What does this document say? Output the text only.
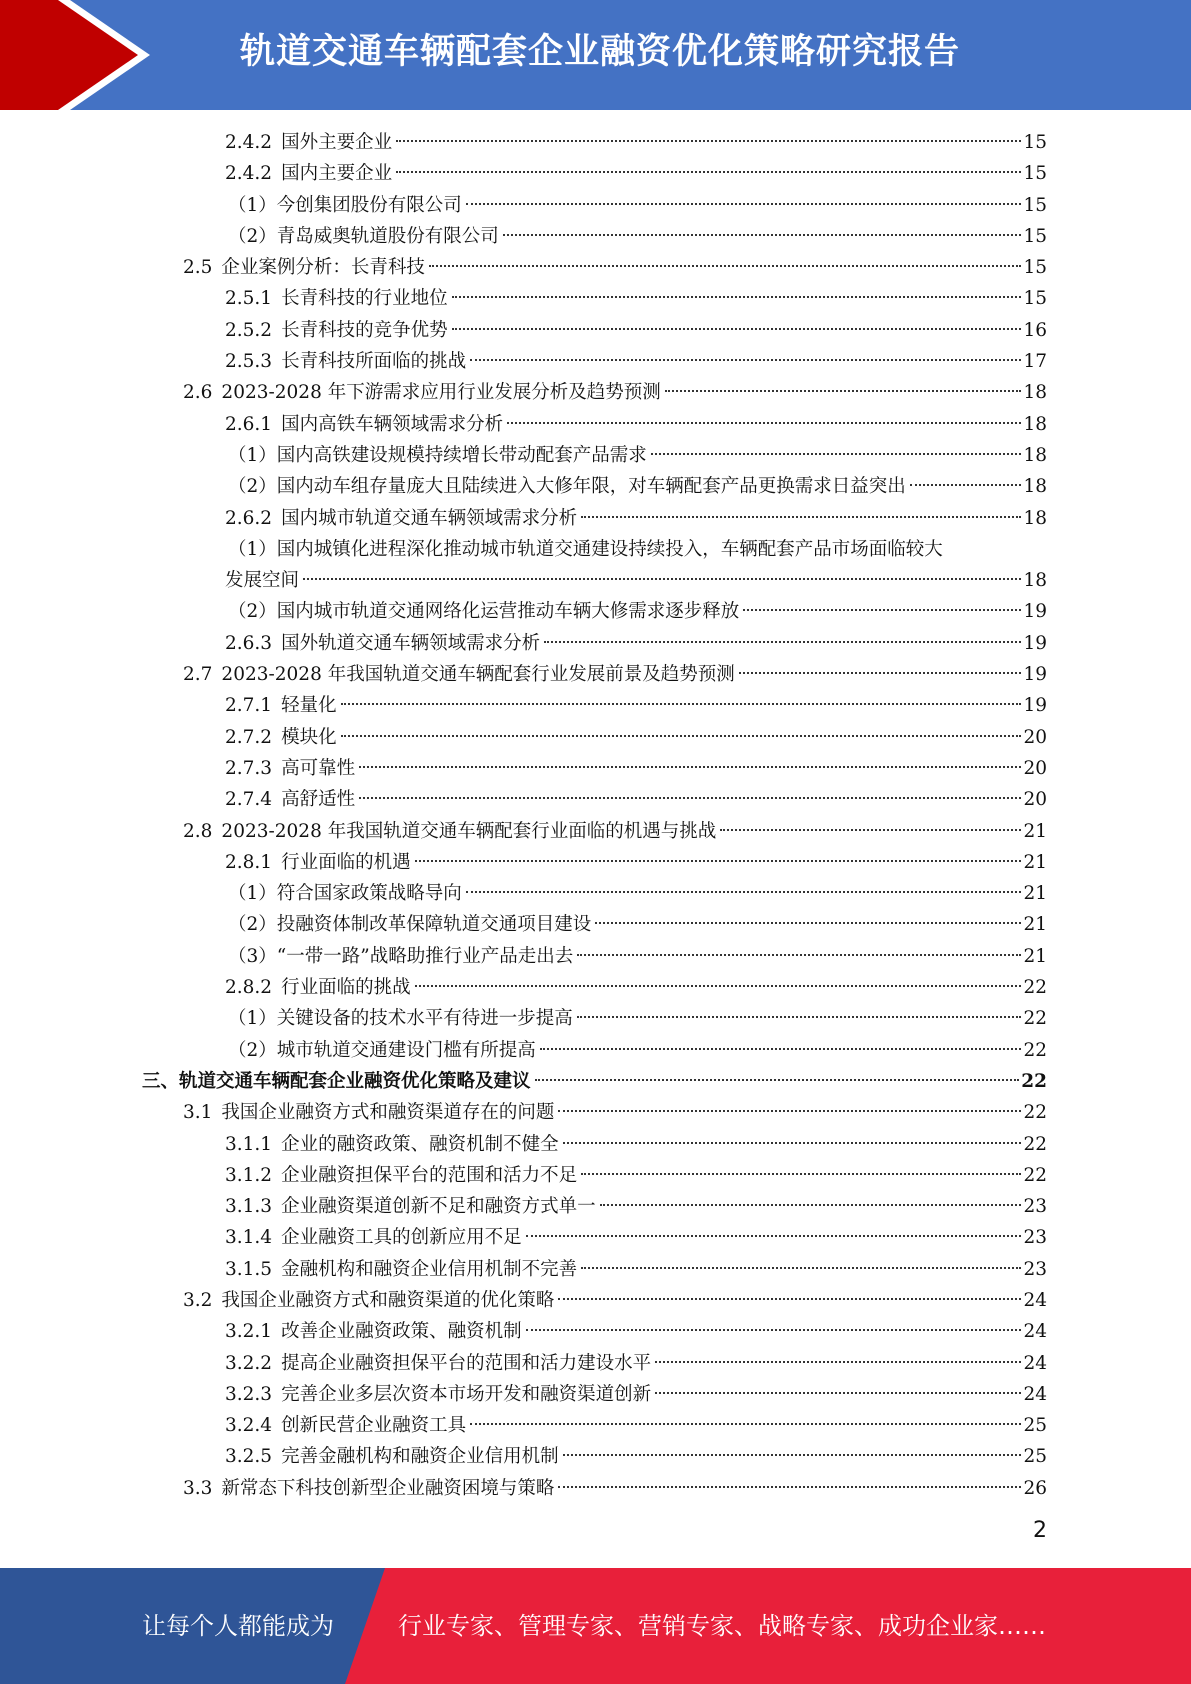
轨道交通车辆配套企业融资优化策略研究报告
2.4.2 国外主要企业	15
2.4.2 国内主要企业	15
（1） 今创集团股份有限公司	15
（2） 青岛威奥轨道股份有限公司	15
2.5 企业案例分析：长青科技	15
2.5.1 长青科技的行业地位	15
2.5.2 长青科技的竞争优势	16
2.5.3 长青科技所面临的挑战	17
2.6 2023-2028 年下游需求应用行业发展分析及趋势预测	18
2.6.1 国内高铁车辆领域需求分析	18
（1） 国内高铁建设规模持续增长带动配套产品需求	18
（2） 国内动车组存量庞大且陆续进入大修年限，对车辆配套产品更换需求日益突出	18
2.6.2 国内城市轨道交通车辆领域需求分析	18
（1） 国内城镇化进程深化推动城市轨道交通建设持续投入，车辆配套产品市场面临较大
发展空间	18
（2） 国内城市轨道交通网络化运营推动车辆大修需求逐步释放	19
2.6.3 国外轨道交通车辆领域需求分析	19
2.7 2023-2028 年我国轨道交通车辆配套行业发展前景及趋势预测	19
2.7.1 轻量化	19
2.7.2 模块化	20
2.7.3 高可靠性	20
2.7.4 高舒适性	20
2.8 2023-2028 年我国轨道交通车辆配套行业面临的机遇与挑战	21
2.8.1 行业面临的机遇	21
（1） 符合国家政策战略导向	21
（2） 投融资体制改革保障轨道交通项目建设	21
（3） “一带一路”战略助推行业产品走出去	21
2.8.2 行业面临的挑战	22
（1） 关键设备的技术水平有待进一步提高	22
（2） 城市轨道交通建设门槛有所提高	22
三、 轨道交通车辆配套企业融资优化策略及建议	22
3.1 我国企业融资方式和融资渠道存在的问题	22
3.1.1 企业的融资政策、融资机制不健全	22
3.1.2 企业融资担保平台的范围和活力不足	22
3.1.3 企业融资渠道创新不足和融资方式单一	23
3.1.4 企业融资工具的创新应用不足	23
3.1.5 金融机构和融资企业信用机制不完善	23
3.2 我国企业融资方式和融资渠道的优化策略	24
3.2.1 改善企业融资政策、融资机制	24
3.2.2 提高企业融资担保平台的范围和活力建设水平	24
3.2.3 完善企业多层次资本市场开发和融资渠道创新	24
3.2.4 创新民营企业融资工具	25
3.2.5 完善金融机构和融资企业信用机制	25
3.3 新常态下科技创新型企业融资困境与策略	26
2
让每个人都能成为	行业专家、管理专家、营销专家、战略专家、成功企业家……
